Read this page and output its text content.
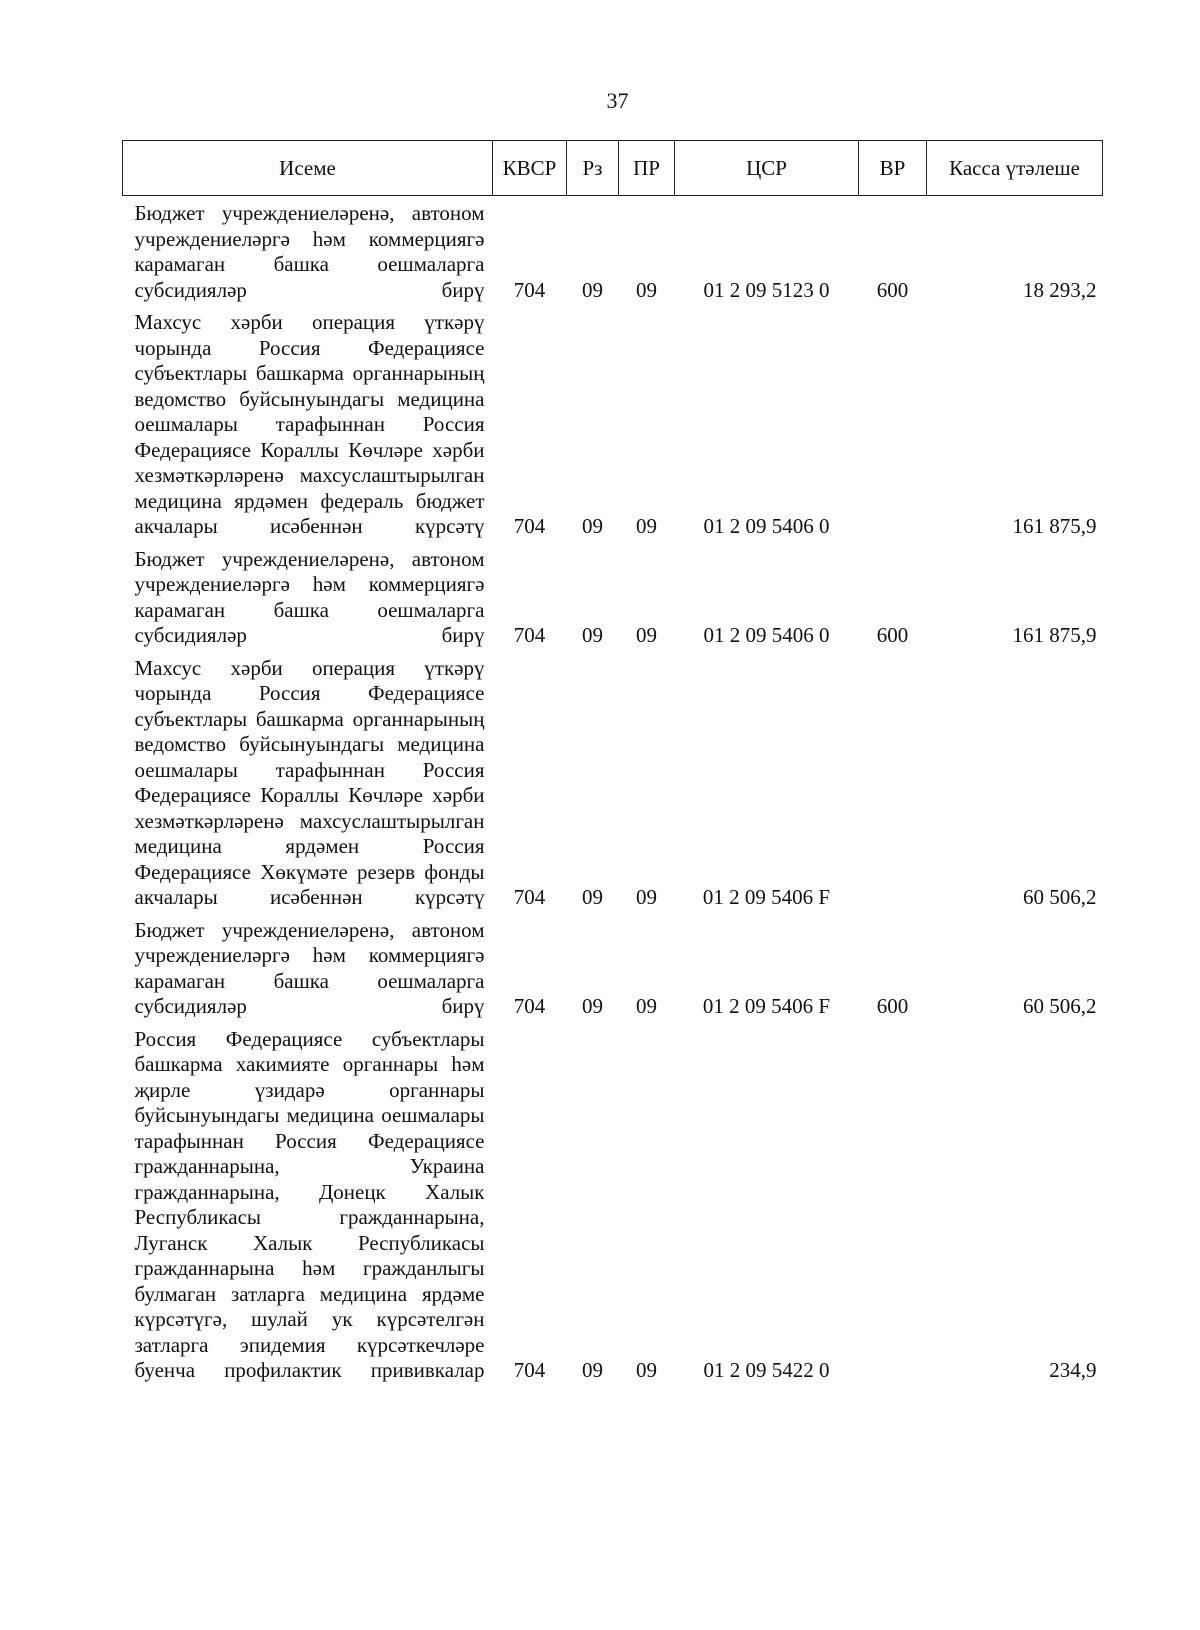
37
Исеме	КВСР	Рз	ПР	ЦСР	ВР	Касса үтәлеше

Бюджет учреждениеләренә, автоном учреждениеләргә һәм коммерциягә карамаган башка оешмаларга субсидияләр бирү	704	09	09	01 2 09 5123 0	600	18 293,2

Махсус хәрби операция үткәрү чорында Россия Федерациясе субъектлары башкарма органнарының ведомство буйсынуындагы медицина оешмалары тарафыннан Россия Федерациясе Кораллы Көчләре хәрби хезмәткәрләренә махсуслаштырылган медицина ярдәмен федераль бюджет акчалары исәбеннән күрсәтү	704	09	09	01 2 09 5406 0		161 875,9

Бюджет учреждениеләренә, автоном учреждениеләргә һәм коммерциягә карамаган башка оешмаларга субсидияләр бирү	704	09	09	01 2 09 5406 0	600	161 875,9

Махсус хәрби операция үткәрү чорында Россия Федерациясе субъектлары башкарма органнарының ведомство буйсынуындагы медицина оешмалары тарафыннан Россия Федерациясе Кораллы Көчләре хәрби хезмәткәрләренә махсуслаштырылган медицина ярдәмен Россия Федерациясе Хөкүмәте резерв фонды акчалары исәбеннән күрсәтү	704	09	09	01 2 09 5406 F		60 506,2

Бюджет учреждениеләренә, автоном учреждениеләргә һәм коммерциягә карамаган башка оешмаларга субсидияләр бирү	704	09	09	01 2 09 5406 F	600	60 506,2

Россия Федерациясе субъектлары башкарма хакимияте органнары һәм җирле үзидарә органнары буйсынуындагы медицина оешмалары тарафыннан Россия Федерациясе гражданнарына, Украина гражданнарына, Донецк Халык Республикасы гражданнарына, Луганск Халык Республикасы гражданнарына һәм гражданлыгы булмаган затларга медицина ярдәме күрсәтүгә, шулай ук күрсәтелгән затларга эпидемия күрсәткечләре буенча профилактик прививкалар	704	09	09	01 2 09 5422 0		234,9
